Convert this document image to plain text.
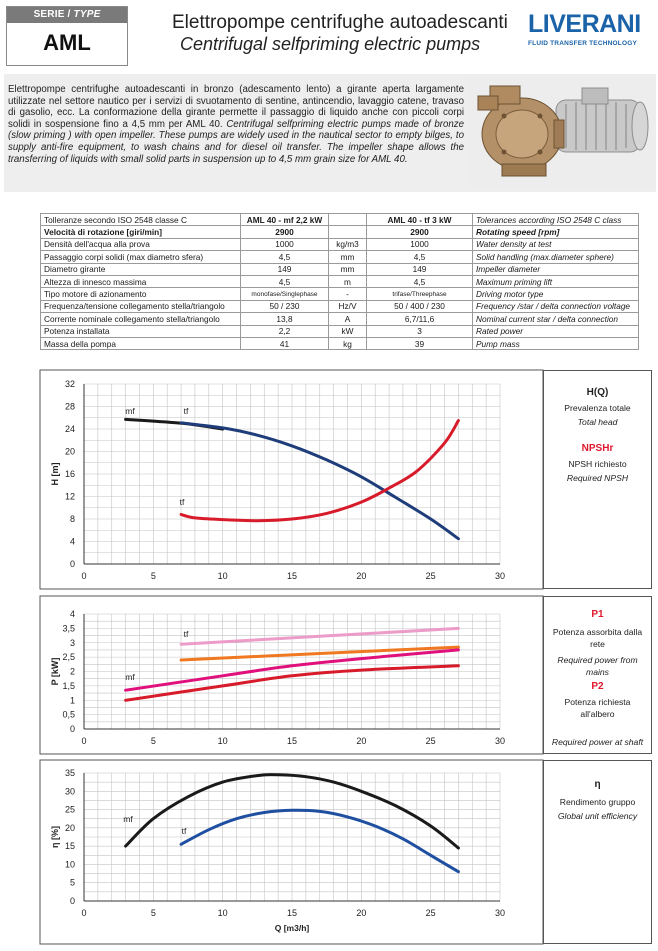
SERIE / TYPE
AML
Elettropompe centrifughe autoadescanti
Centrifugal selfpriming electric pumps
LIVERANI
FLUID TRANSFER TECHNOLOGY
Elettropompe centrifughe autoadescanti in bronzo (adescamento lento) a girante aperta largamente utilizzate nel settore nautico per i servizi di svuotamento di sentine, antincendio, lavaggio catene, travaso di gasolio, ecc. La conformazione della girante permette il passaggio di liquido anche con piccoli corpi solidi in sospensione fino a 4,5 mm per AML 40. Centrifugal selfpriming electric pumps made of bronze (slow priming ) with open impeller. These pumps are widely used in the nautical sector to empty bilges, to supply anti-fire equipment, to wash chains and for diesel oil transfer. The impeller shape allows the transferring of liquids with small solid parts in suspension up to 4,5 mm grain size for AML 40.
Tolleranze secondo ISO 2548 classe C	AML 40 - mf 2,2 kW		AML 40 - tf 3 kW	Tolerances according ISO 2548 C class
Velocità di rotazione [giri/min]	2900		2900	Rotating speed [rpm]
Densità dell'acqua alla prova	1000	kg/m3	1000	Water density at test
Passaggio corpi solidi (max diametro sfera)	4,5	mm	4,5	Solid handling (max.diameter sphere)
Diametro girante	149	mm	149	Impeller diameter
Altezza di innesco massima	4,5	m	4,5	Maximum priming lift
Tipo motore di azionamento	monofase/Singlephase	-	trifase/Threephase	Driving motor type
Frequenza/tensione collegamento stella/triangolo	50 / 230	Hz/V	50 / 400 / 230	Frequency /star / delta connection voltage
Corrente nominale collegamento stella/triangolo	13,8	A	6,7/11,6	Nominal current star / delta connection
Potenza installata	2,2	kW	3	Rated power
Massa della pompa	41	kg	39	Pump mass
0	5	10	15	20	25	30
0
4
8
12
16
20
24
28
32
H [m]
mf	tf
tf
0	5	10	15	20	25	30
0
0,5
1
1,5
2
2,5
3
3,5
4
P [kW]
tf
mf
0	5	10	15	20	25	30
0
5
10
15
20
25
30
35
η [%]
Q [m3/h]
mf
tf
H(Q)
Prevalenza totale
Total head
NPSHr
NPSH richiesto
Required NPSH
P1
Potenza assorbita dalla
rete
Required power from
mains
P2
Potenza richiesta
all'albero
Required power at shaft
η
Rendimento gruppo
Global unit efficiency
